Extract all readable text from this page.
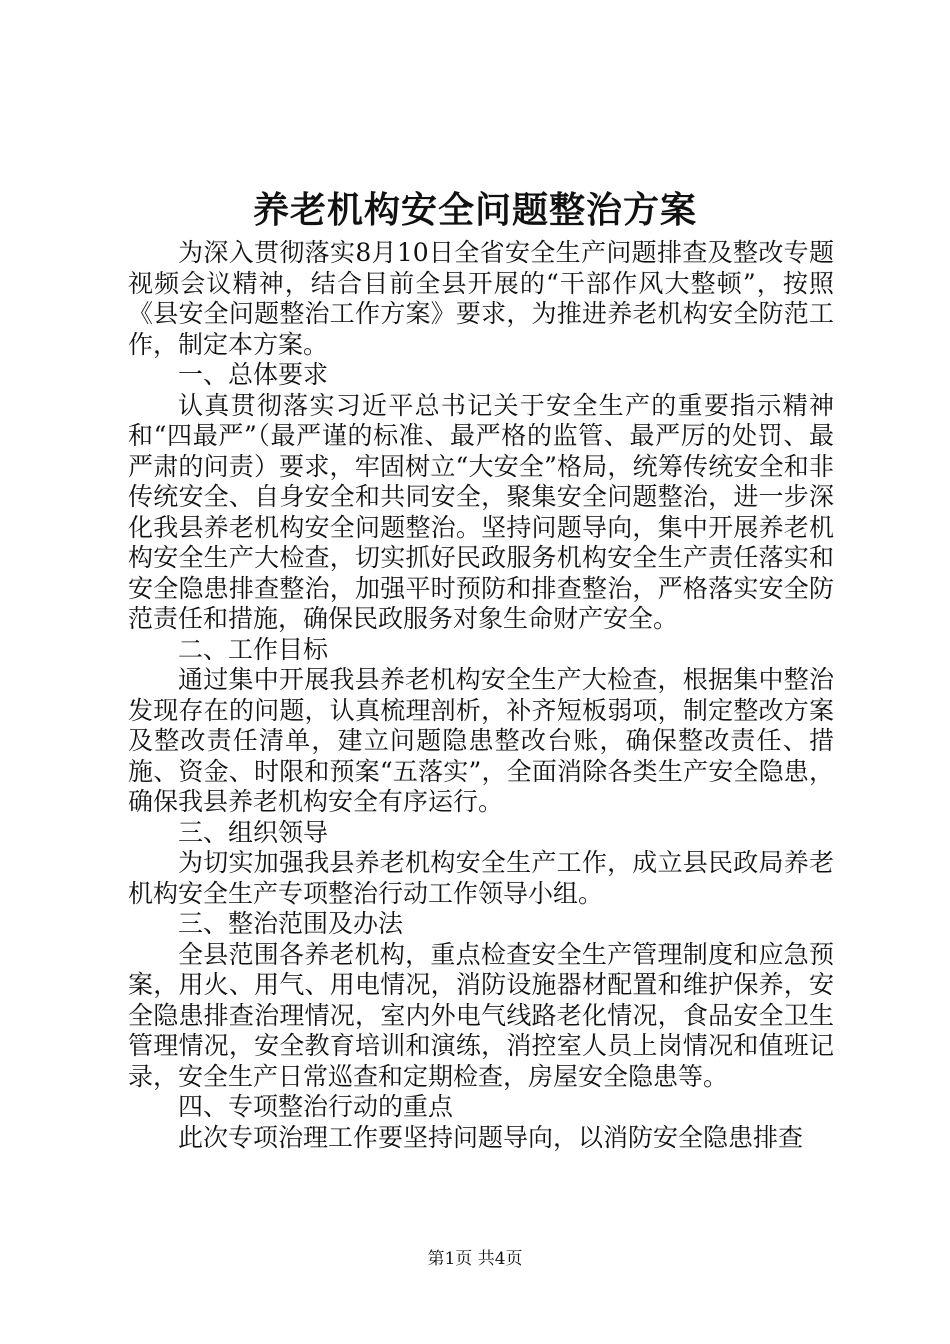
养老机构安全问题整治方案

为深入贯彻落实8月10日全省安全生产问题排查及整改专题视频会议精神，结合目前全县开展的“干部作风大整顿”，按照《县安全问题整治工作方案》要求，为推进养老机构安全防范工作，制定本方案。

一、总体要求

认真贯彻落实习近平总书记关于安全生产的重要指示精神和“四最严”（最严谨的标准、最严格的监管、最严厉的处罚、最严肃的问责）要求，牢固树立“大安全”格局，统筹传统安全和非传统安全、自身安全和共同安全，聚集安全问题整治，进一步深化我县养老机构安全问题整治。坚持问题导向，集中开展养老机构安全生产大检查，切实抓好民政服务机构安全生产责任落实和安全隐患排查整治，加强平时预防和排查整治，严格落实安全防范责任和措施，确保民政服务对象生命财产安全。

二、工作目标

通过集中开展我县养老机构安全生产大检查，根据集中整治发现存在的问题，认真梳理剖析，补齐短板弱项，制定整改方案及整改责任清单，建立问题隐患整改台账，确保整改责任、措施、资金、时限和预案“五落实”，全面消除各类生产安全隐患，确保我县养老机构安全有序运行。

三、组织领导

为切实加强我县养老机构安全生产工作，成立县民政局养老机构安全生产专项整治行动工作领导小组。

三、整治范围及办法

全县范围各养老机构，重点检查安全生产管理制度和应急预案，用火、用气、用电情况，消防设施器材配置和维护保养，安全隐患排查治理情况，室内外电气线路老化情况，食品安全卫生管理情况，安全教育培训和演练，消控室人员上岗情况和值班记录，安全生产日常巡查和定期检查，房屋安全隐患等。

四、专项整治行动的重点

此次专项治理工作要坚持问题导向，以消防安全隐患排查

第1页 共4页
